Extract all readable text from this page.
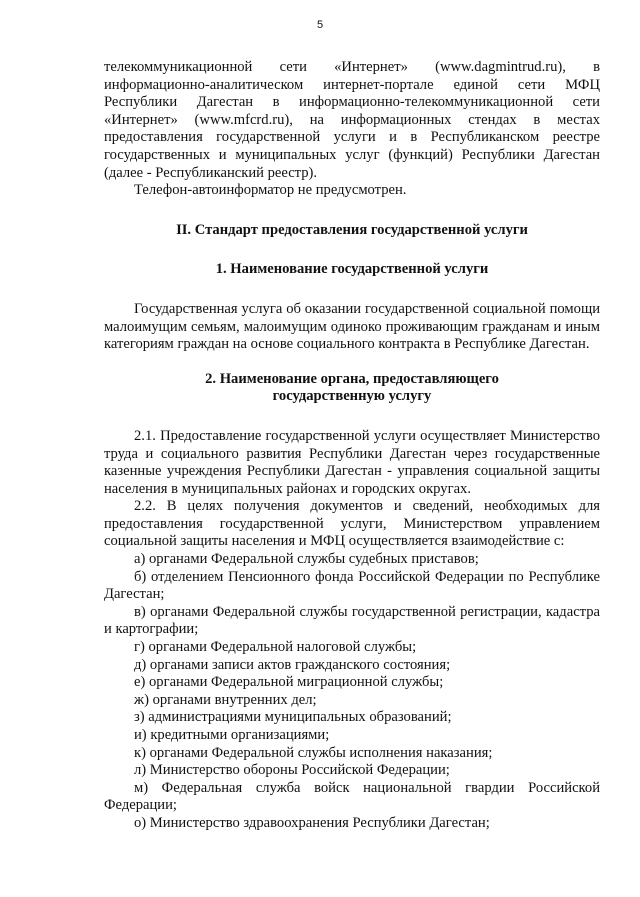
5

телекоммуникационной сети «Интернет» (www.dagmintrud.ru), в информационно-аналитическом интернет-портале единой сети МФЦ Республики Дагестан в информационно-телекоммуникационной сети «Интернет» (www.mfcrd.ru), на информационных стендах в местах предоставления государственной услуги и в Республиканском реестре государственных и муниципальных услуг (функций) Республики Дагестан (далее - Республиканский реестр).

Телефон-автоинформатор не предусмотрен.

II. Стандарт предоставления государственной услуги
1. Наименование государственной услуги

Государственная услуга об оказании государственной социальной помощи малоимущим семьям, малоимущим одиноко проживающим гражданам и иным категориям граждан на основе социального контракта в Республике Дагестан.

2. Наименование органа, предоставляющего
государственную услугу

2.1. Предоставление государственной услуги осуществляет Министерство труда и социального развития Республики Дагестан через государственные казенные учреждения Республики Дагестан - управления социальной защиты населения в муниципальных районах и городских округах.

2.2. В целях получения документов и сведений, необходимых для предоставления государственной услуги, Министерством управлением социальной защиты населения и МФЦ осуществляется взаимодействие с:

а) органами Федеральной службы судебных приставов;

б) отделением Пенсионного фонда Российской Федерации по Республике Дагестан;

в) органами Федеральной службы государственной регистрации, кадастра и картографии;

г) органами Федеральной налоговой службы;

д) органами записи актов гражданского состояния;

е) органами Федеральной миграционной службы;

ж) органами внутренних дел;

з) администрациями муниципальных образований;

и) кредитными организациями;

к) органами Федеральной службы исполнения наказания;

л) Министерство обороны Российской Федерации;

м) Федеральная служба войск национальной гвардии Российской Федерации;

о) Министерство здравоохранения Республики Дагестан;
